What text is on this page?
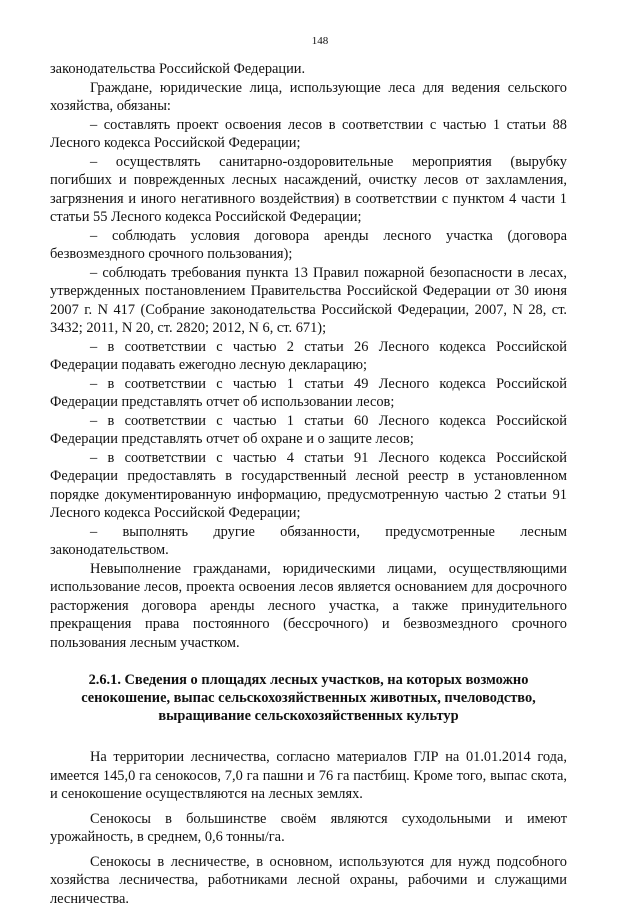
148

законодательства Российской Федерации.

Граждане, юридические лица, использующие леса для ведения сельского хозяйства, обязаны:

– составлять проект освоения лесов в соответствии с частью 1 статьи 88 Лесного кодекса Российской Федерации;

– осуществлять санитарно-оздоровительные мероприятия (вырубку погибших и поврежденных лесных насаждений, очистку лесов от захламления, загрязнения и иного негативного воздействия) в соответствии с пунктом 4 части 1 статьи 55 Лесного кодекса Российской Федерации;

– соблюдать условия договора аренды лесного участка (договора безвозмездного срочного пользования);

– соблюдать требования пункта 13 Правил пожарной безопасности в лесах, утвержденных постановлением Правительства Российской Федерации от 30 июня 2007 г. N 417 (Собрание законодательства Российской Федерации, 2007, N 28, ст. 3432; 2011, N 20, ст. 2820; 2012, N 6, ст. 671);

– в соответствии с частью 2 статьи 26 Лесного кодекса Российской Федерации подавать ежегодно лесную декларацию;

– в соответствии с частью 1 статьи 49 Лесного кодекса Российской Федерации представлять отчет об использовании лесов;

– в соответствии с частью 1 статьи 60 Лесного кодекса Российской Федерации представлять отчет об охране и о защите лесов;

– в соответствии с частью 4 статьи 91 Лесного кодекса Российской Федерации предоставлять в государственный лесной реестр в установленном порядке документированную информацию, предусмотренную частью 2 статьи 91 Лесного кодекса Российской Федерации;

– выполнять другие обязанности, предусмотренные лесным законодательством.

Невыполнение гражданами, юридическими лицами, осуществляющими использование лесов, проекта освоения лесов является основанием для досрочного расторжения договора аренды лесного участка, а также принудительного прекращения права постоянного (бессрочного) и безвозмездного срочного пользования лесным участком.

2.6.1. Сведения о площадях лесных участков, на которых возможно сенокошение, выпас сельскохозяйственных животных, пчеловодство, выращивание сельскохозяйственных культур

На территории лесничества, согласно материалов ГЛР на 01.01.2014 года, имеется 145,0 га сенокосов, 7,0 га пашни и 76 га пастбищ. Кроме того, выпас скота, и сенокошение осуществляются на лесных землях.

Сенокосы в большинстве своём являются суходольными и имеют урожайность, в среднем, 0,6 тонны/га.

Сенокосы в лесничестве, в основном, используются для нужд подсобного хозяйства лесничества, работниками лесной охраны, рабочими и служащими лесничества.
